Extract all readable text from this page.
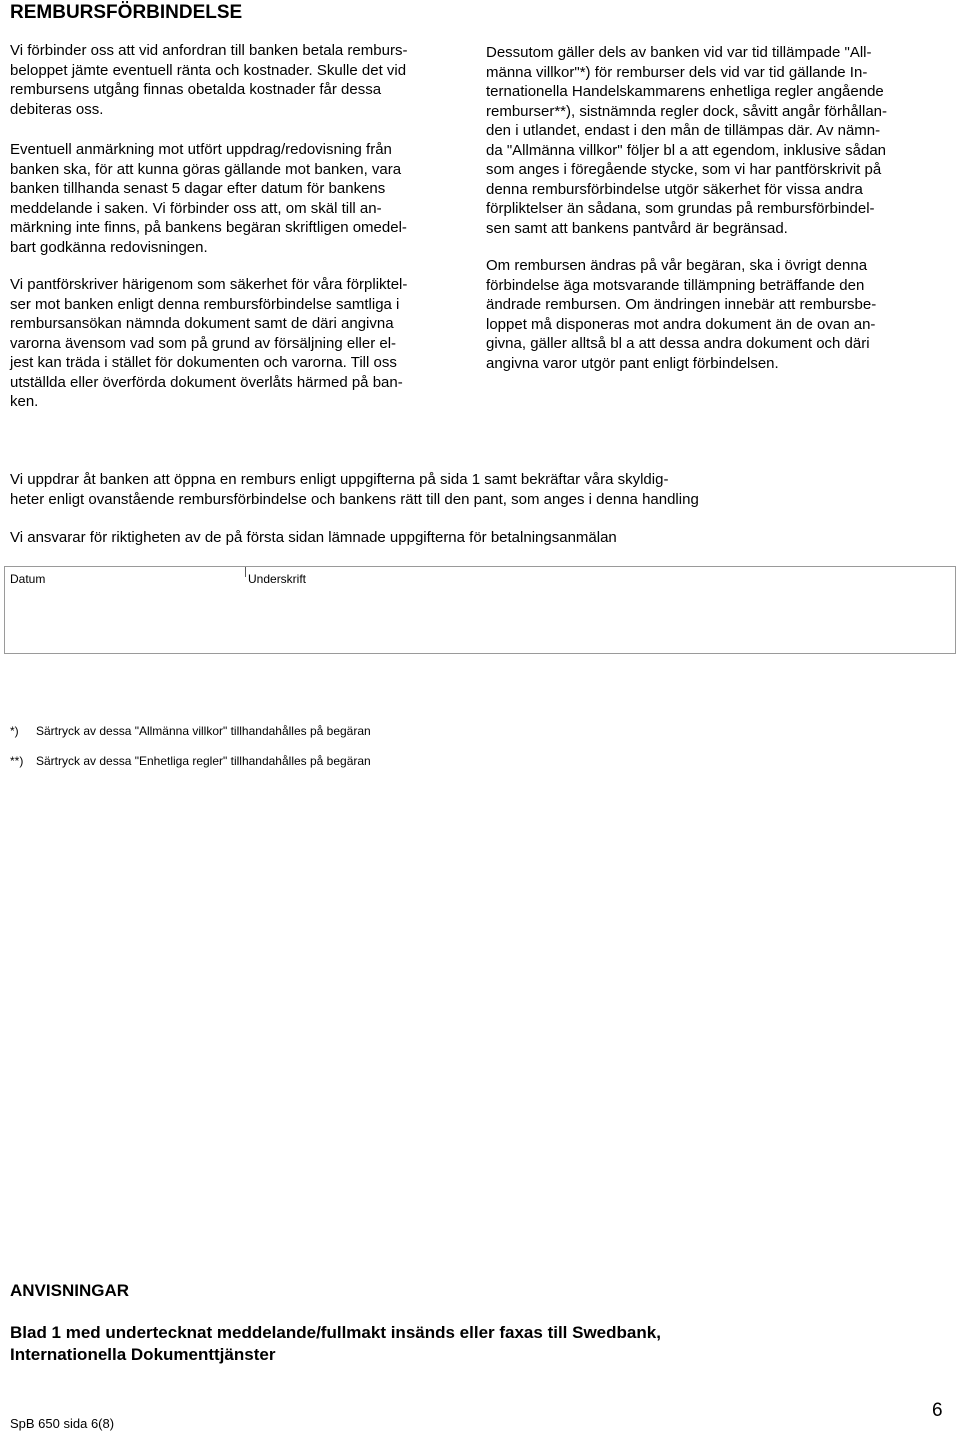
REMBURSFÖRBINDELSE
Vi förbinder oss att vid anfordran till banken betala remburs-
beloppet jämte eventuell ränta och kostnader. Skulle det vid
rembursens utgång finnas obetalda kostnader får dessa
debiteras oss.
Eventuell anmärkning mot utfört uppdrag/redovisning från
banken ska, för att kunna göras gällande mot banken, vara
banken tillhanda senast 5 dagar efter datum för bankens
meddelande i saken. Vi förbinder oss att, om skäl till an-
märkning inte finns, på bankens begäran skriftligen omedel-
bart godkänna redovisningen.
Vi pantförskriver härigenom som säkerhet för våra förpliktel-
ser mot banken enligt denna rembursförbindelse samtliga i
rembursansökan nämnda dokument samt de däri angivna
varorna ävensom vad som på grund av försäljning eller el-
jest kan träda i stället för dokumenten och varorna. Till oss
utställda eller överförda dokument överlåts härmed på ban-
ken.
Dessutom gäller dels av banken vid var tid tillämpade "All-
männa villkor"*) för remburser dels vid var tid gällande In-
ternationella Handelskammarens enhetliga regler angående
remburser**), sistnämnda regler dock, såvitt angår förhållan-
den i utlandet, endast i den mån de tillämpas där. Av nämn-
da "Allmänna villkor" följer bl a att egendom, inklusive sådan
som anges i föregående stycke, som vi har pantförskrivit på
denna rembursförbindelse utgör säkerhet för vissa andra
förpliktelser än sådana, som grundas på rembursförbindel-
sen samt att bankens pantvård är begränsad.
Om rembursen ändras på vår begäran, ska i övrigt denna
förbindelse äga motsvarande tillämpning beträffande den
ändrade rembursen. Om ändringen innebär att rembursbe-
loppet må disponeras mot andra dokument än de ovan an-
givna, gäller alltså bl a att dessa andra dokument och däri
angivna varor utgör pant enligt förbindelsen.
Vi uppdrar åt banken att öppna en remburs enligt uppgifterna på sida 1 samt bekräftar våra skyldig-
heter enligt ovanstående rembursförbindelse och bankens rätt till den pant, som anges i denna handling
Vi ansvarar för riktigheten av de på första sidan lämnade uppgifterna för betalningsanmälan
Datum	Underskrift
*) Särtryck av dessa "Allmänna villkor" tillhandahålles på begäran
**) Särtryck av dessa "Enhetliga regler" tillhandahålles på begäran
ANVISNINGAR
Blad 1 med undertecknat meddelande/fullmakt insänds eller faxas till Swedbank,
Internationella Dokumenttjänster
SpB 650 sida 6(8)
6
